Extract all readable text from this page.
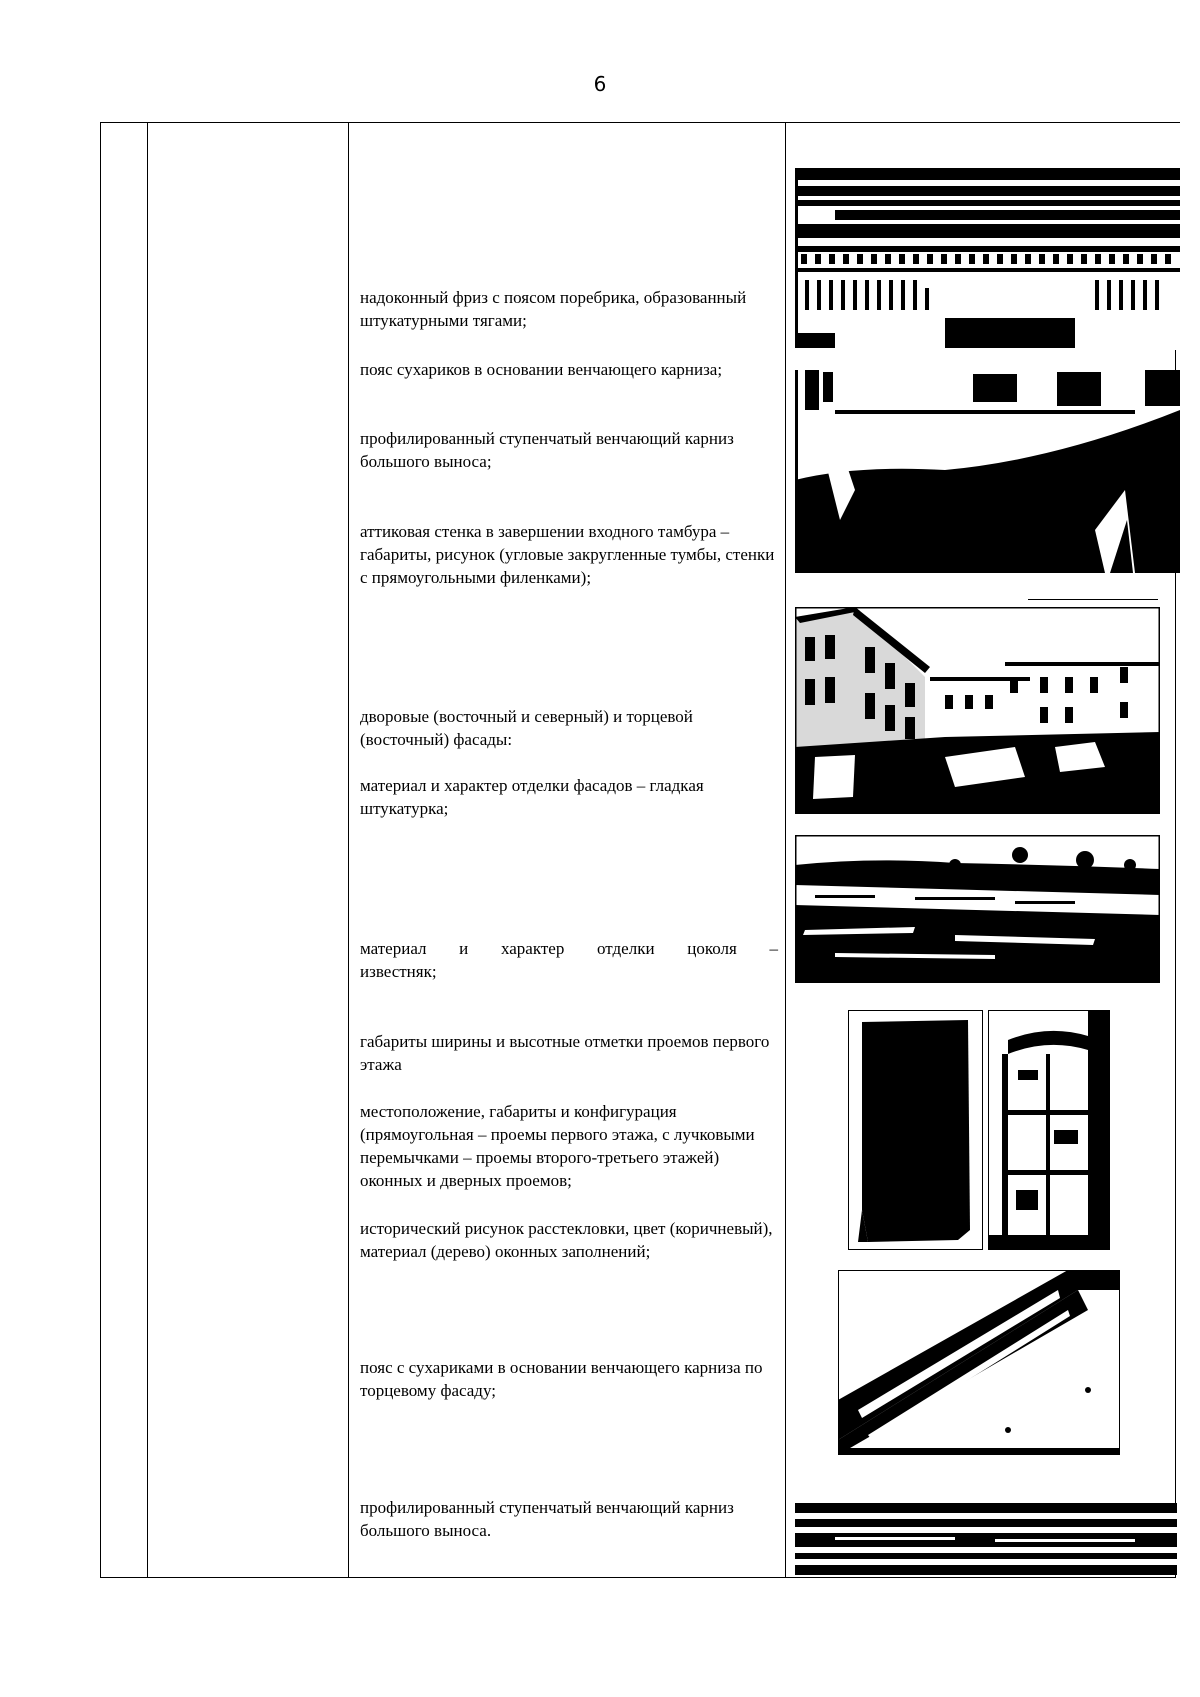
6
надоконный фриз с поясом поребрика, образованный штукатурными тягами;
пояс сухариков в основании венчающего карниза;
профилированный ступенчатый венчающий карниз большого выноса;
аттиковая стенка в завершении входного тамбура – габариты, рисунок (угловые закругленные тумбы, стенки с прямоугольными филенками);
дворовые (восточный и северный) и торцевой (восточный) фасады:
материал и характер отделки фасадов – гладкая штукатурка;
материал и характер отделки цоколя –
известняк;
габариты ширины и высотные отметки проемов первого этажа
местоположение, габариты и конфигурация (прямоугольная – проемы первого этажа, с лучковыми перемычками – проемы второго-третьего этажей) оконных и дверных проемов;
исторический рисунок расстекловки, цвет (коричневый), материал (дерево) оконных заполнений;
пояс с сухариками в основании венчающего карниза по торцевому фасаду;
профилированный ступенчатый венчающий карниз большого выноса.
